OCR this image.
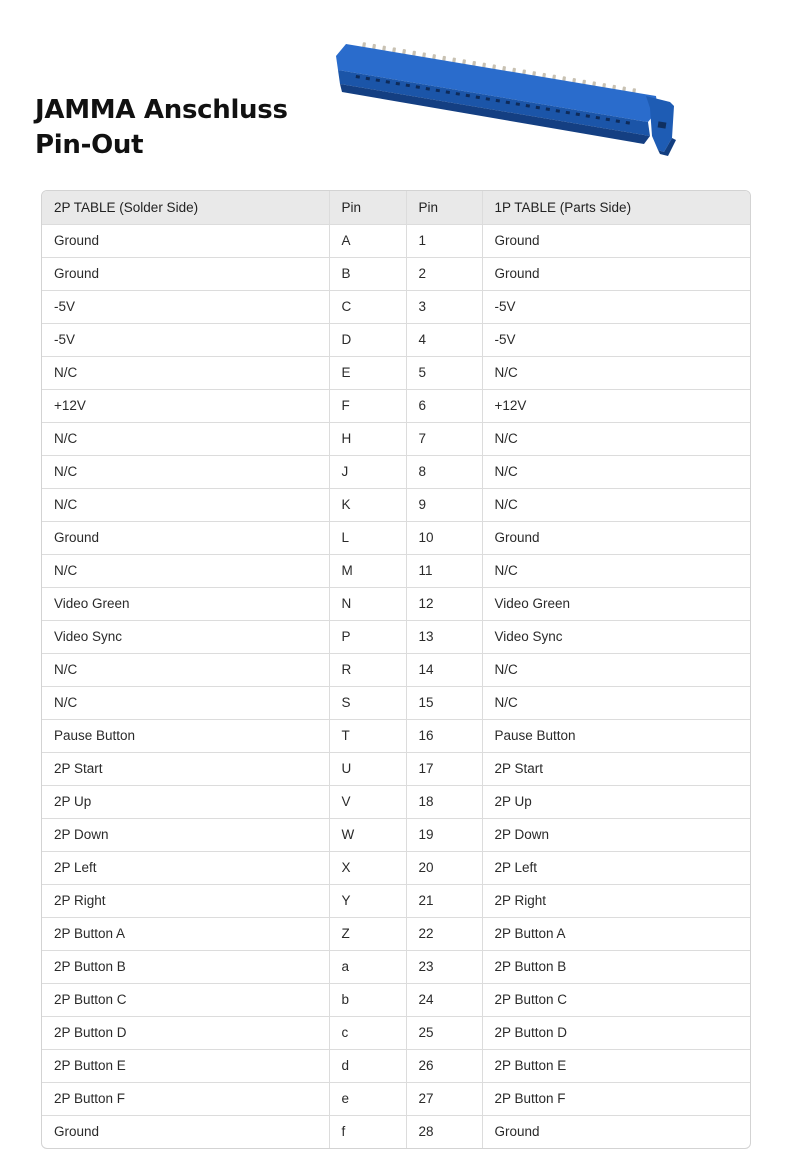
JAMMA Anschluss
Pin-Out
2P TABLE (Solder Side)	Pin	Pin	1P TABLE (Parts Side)
Ground	A	1	Ground
Ground	B	2	Ground
-5V	C	3	-5V
-5V	D	4	-5V
N/C	E	5	N/C
+12V	F	6	+12V
N/C	H	7	N/C
N/C	J	8	N/C
N/C	K	9	N/C
Ground	L	10	Ground
N/C	M	11	N/C
Video Green	N	12	Video Green
Video Sync	P	13	Video Sync
N/C	R	14	N/C
N/C	S	15	N/C
Pause Button	T	16	Pause Button
2P Start	U	17	2P Start
2P Up	V	18	2P Up
2P Down	W	19	2P Down
2P Left	X	20	2P Left
2P Right	Y	21	2P Right
2P Button A	Z	22	2P Button A
2P Button B	a	23	2P Button B
2P Button C	b	24	2P Button C
2P Button D	c	25	2P Button D
2P Button E	d	26	2P Button E
2P Button F	e	27	2P Button F
Ground	f	28	Ground
